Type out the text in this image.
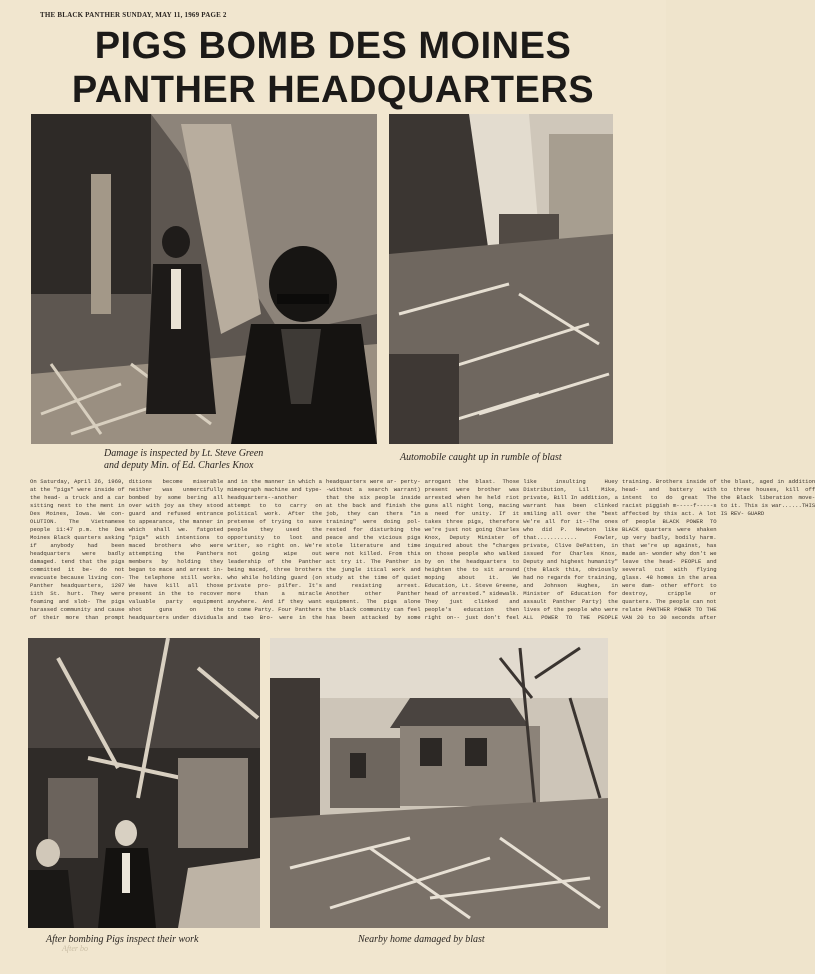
THE BLACK PANTHER SUNDAY, MAY 11, 1969 PAGE 2
PIGS BOMB DES MOINES
PANTHER HEADQUARTERS
Damage is inspected by Lt. Steve Green
and deputy Min. of Ed. Charles Knox
Automobile caught up in rumble of blast
On Saturday, April 26, 1969, at the "pigs" were inside of the head- a truck and a car sitting next to the ment in Des Moines, Iowa. We con- OLUTION. The Vietnamese people 11:47 p.m. the Des Moines Black quarters asking if anybody had been headquarters were badly damaged. tend that the pigs committed it be- do not evacuate because living con- Panther headquarters, 1207 11th St. hurt. They were foaming and slob- The pigs harassed community and cause of their more than prompt ditions become miserable neither was unmercifully bombed by some bering all over with joy as they stood guard and refused entrance to appearance, the manner in which shall we. fatgoted "pigs" with intentions to maced brothers who were attempting the Panthers members by holding they began to mace and arrest in- The telephone still works. We have kill all those present in the to recover valuable party equipment shot guns on the headquarters under dividuals and in the manner in which a mimeograph machine and type- headquarters--another attempt to to carry on political work. After the pretense of trying to save people they used the opportunity to loot and writer, so right on. We're not going wipe out leadership of the Panther being maced, three brothers who while holding guard (on private pro- pilfer. It's more than a miracle anywhere. And if they want to come Party. Four Panthers and two Bro- were in the headquarters were ar- perty--without a search warrant) that the six people inside at the back and finish the job, they can thers "in training" were doing pol- rested for disturbing the peace and the vicious pigs stole literature and time were not killed. From this act try it. The Panther in the jungle itical work and study at the time of quiet and resisting arrest. Another other Panther equipment. The pigs alone the black community can feel has been attacked by some arrogant the blast. Those present were brother was arrested when he held riot guns all night long, macing a need for unity. If it takes three pigs, therefore we're just not going Charles Knox, Deputy Minister of inquired about the "charges on those people who walked by on the headquarters to heighten the to sit around moping about it. We Education, Lt. Steve Greene, head of arrested." sidewalk. They just clinked and people's education then right on-- just don't feel like insulting Huey Distribution, Lil Mike, private, Bill In addition, a warrant has been clinked smiling all over the "best We're all for it--The ones who did P. Newton like that............ Fowler, private, Clive DePatten, in issued for Charles Knox, Deputy and highest humanity" (the Black this, obviously had no regards for training, and Johnson Hughes, in Minister of Education for assault Panther Party) the lives of the people who were ALL POWER TO THE PEOPLE training. Brothers inside of head- and battery with intent to do great The racist piggish m-----f-----s affected by this act. A lot of people BLACK POWER TO BLACK quarters were shaken up very badly, bodily harm. that we're up against, has made an- wonder why don't we leave the head- PEOPLE and several cut with flying glass. 48 homes in the area were dam- other effort to destroy, cripple or quarters. The people can not relate PANTHER POWER TO THE VAN 20 to 30 seconds after the blast, aged in addition to three houses, kill off the Black liberation move- to it. This is war......THIS IS REV- GUARD
After bombing Pigs inspect their work	Nearby home damaged by blast
After bo
